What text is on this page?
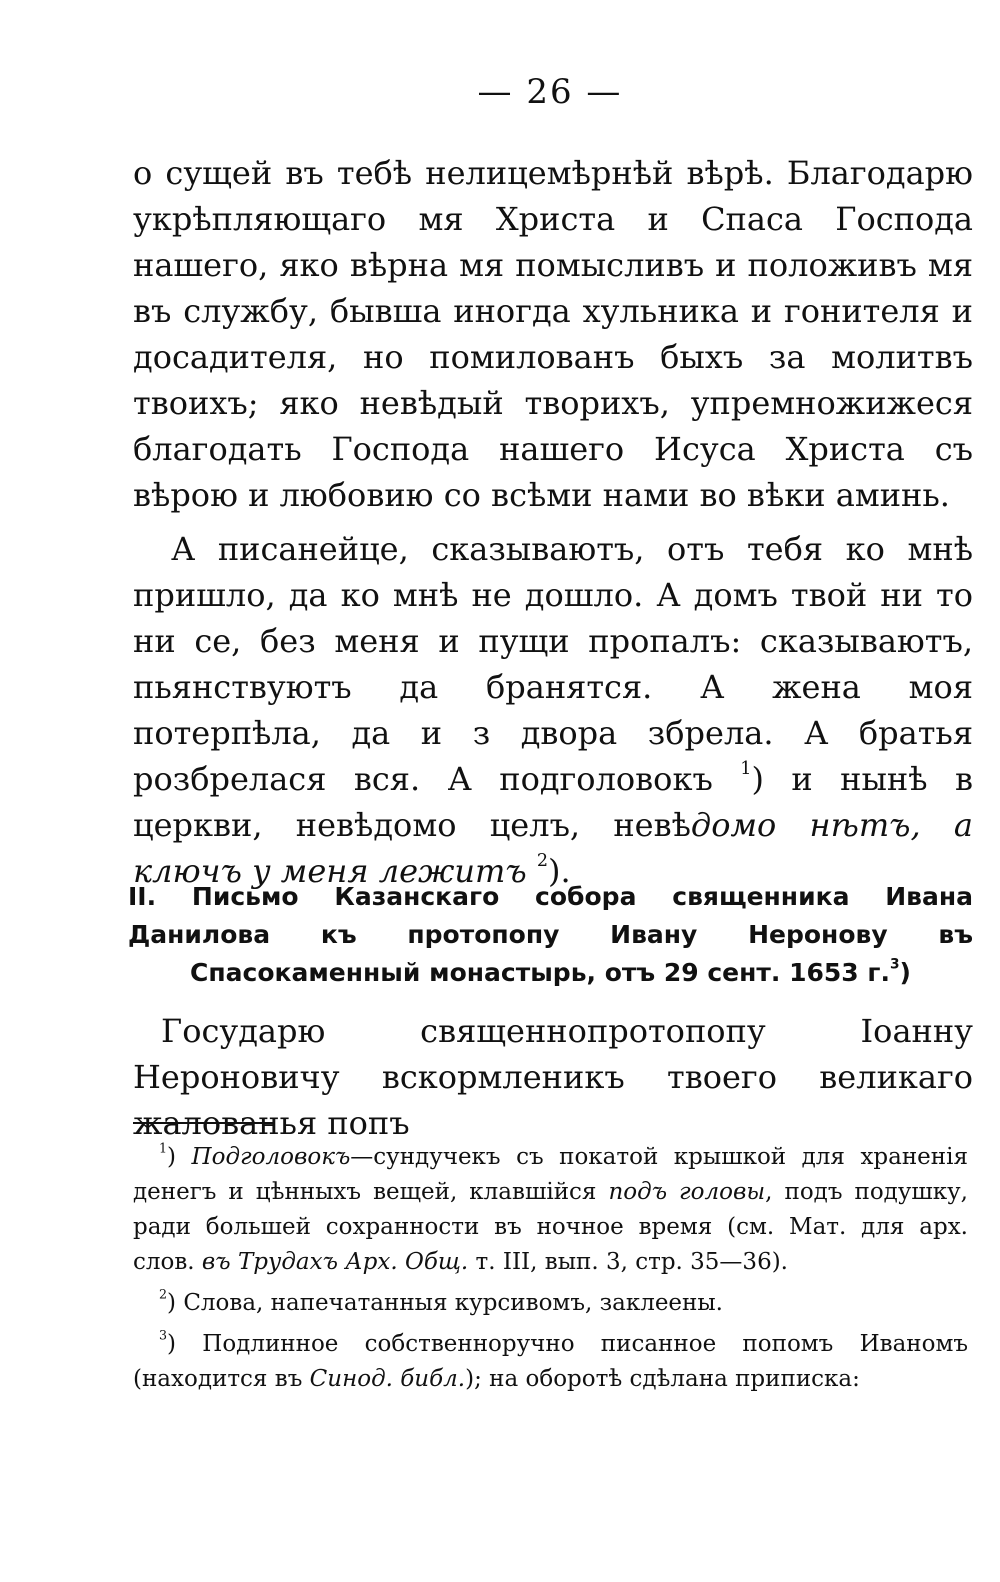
— 26 —

о сущей въ тебѣ нелицемѣрнѣй вѣрѣ. Благодарю укрѣпляющаго мя Христа и Спаса Господа нашего, яко вѣрна мя помысливъ и положивъ мя въ службу, бывша иногда хульника и гонителя и досадителя, но помилованъ быхъ за молитвъ твоихъ; яко невѣдый творихъ, упремножижеся благодать Господа нашего Исуса Христа съ вѣрою и любовию со всѣми нами во вѣки аминь.

А писанейце, сказываютъ, отъ тебя ко мнѣ пришло, да ко мнѣ не дошло. А домъ твой ни то ни се, без меня и пущи пропалъ: сказываютъ, пьянствуютъ да бранятся. А жена моя потерпѣла, да и з двора збрела. А братья розбрелася вся. А подголовокъ $^1$) и нынѣ в церкви, невѣдомо целъ, невѣдомо нѣтъ, а ключъ у меня лежитъ $^2$).

II. Письмо Казанскаго собора священника Ивана Данилова къ протопопу Ивану Неронову въ Спасокаменный монастырь, отъ 29 сент. 1653 г.$^3$)
Государю священнопротопопу Іоанну Нероновичу вскормленикъ твоего великаго жалованья попъ

$^1$) Подголовокъ—сундучекъ съ покатой крышкой для храненія денегъ и цѣнныхъ вещей, клавшійся подъ головы, подъ подушку, ради большей сохранности въ ночное время (см. Мат. для арх. слов. въ Трудахъ Арх. Общ. т. III, вып. 3, стр. 35—36).

$^2$) Слова, напечатанныя курсивомъ, заклеены.

$^3$) Подлинное собственноручно писанное попомъ Иваномъ (находится въ Синод. библ.); на оборотѣ сдѣлана приписка:
